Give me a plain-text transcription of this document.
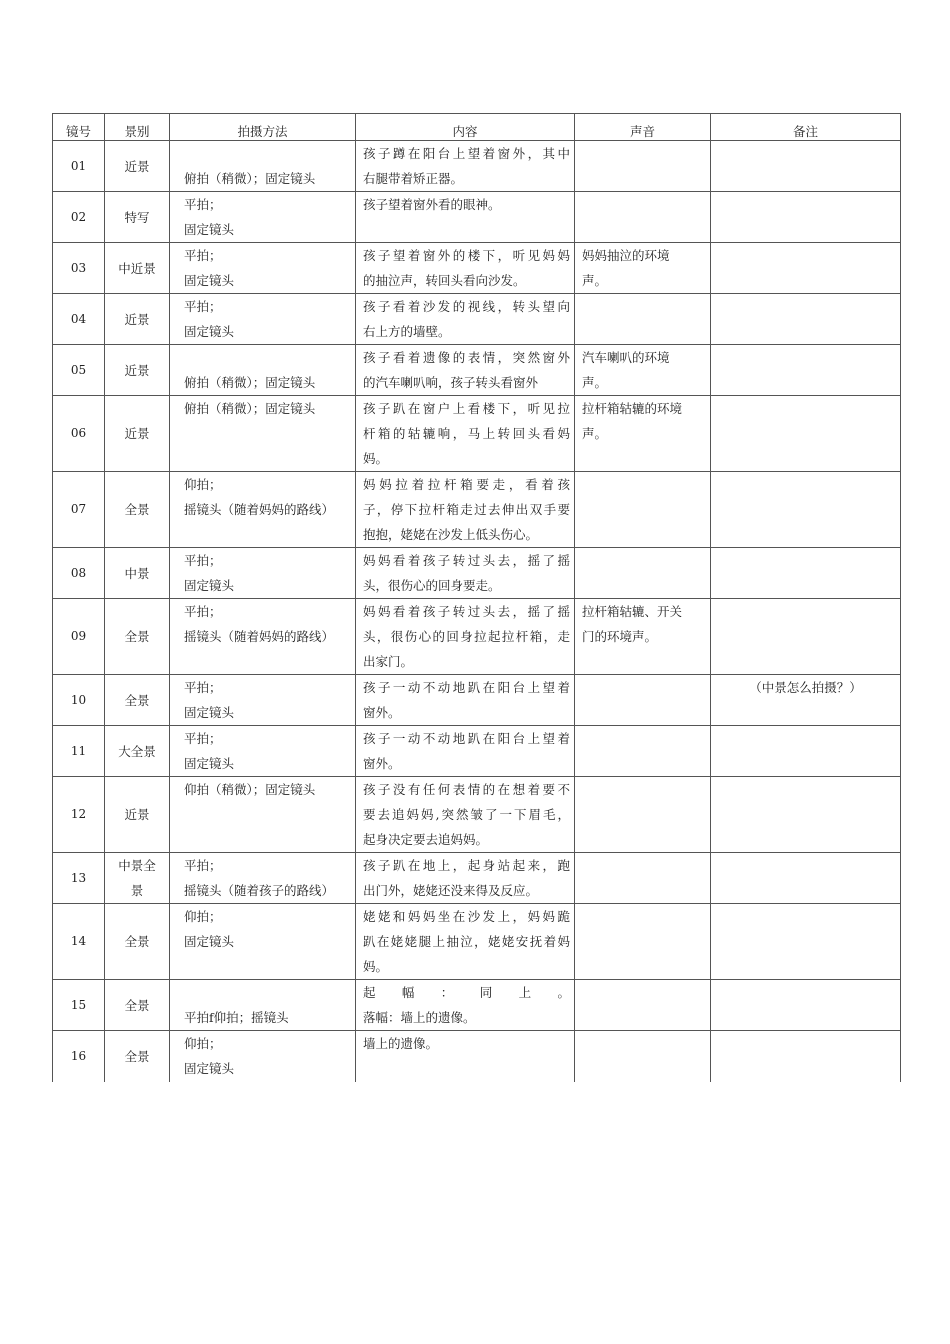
镜号	景别	拍摄方法	内容	声音	备注
01	近景	俯拍（稍微）；固定镜头	孩子蹲在阳台上望着窗外，其中
右腿带着矫正器。		

02	特写	平拍；
固定镜头	孩子望着窗外看的眼神。		

03	中近景	平拍；
固定镜头	孩子望着窗外的楼下，听见妈妈
的抽泣声，转回头看向沙发。	妈妈抽泣的环境
声。	

04	近景	平拍；
固定镜头	孩子看着沙发的视线，转头望向
右上方的墙壁。		

05	近景	俯拍（稍微）；固定镜头	孩子看着遗像的表情，突然窗外
的汽车喇叭响，孩子转头看窗外	汽车喇叭的环境
声。	

06	近景	俯拍（稍微）；固定镜头	孩子趴在窗户上看楼下，听见拉
杆箱的轱辘响，马上转回头看妈
妈。	拉杆箱轱辘的环境
声。	

07	全景	仰拍；
摇镜头（随着妈妈的路线）	妈妈拉着拉杆箱要走，看着孩
子，停下拉杆箱走过去伸出双手要
抱抱，姥姥在沙发上低头伤心。		

08	中景	平拍；
固定镜头	妈妈看着孩子转过头去，摇了摇
头，很伤心的回身要走。		

09	全景	平拍；
摇镜头（随着妈妈的路线）	妈妈看着孩子转过头去，摇了摇
头，很伤心的回身拉起拉杆箱，走
出家门。	拉杆箱轱辘、开关
门的环境声。	

10	全景	平拍；
固定镜头	孩子一动不动地趴在阳台上望着
窗外。		（中景怎么拍摄？）
11	大全景	平拍；
固定镜头	孩子一动不动地趴在阳台上望着
窗外。		

12	近景	仰拍（稍微）；固定镜头	孩子没有任何表情的在想着要不
要去追妈妈,突然皱了一下眉毛，
起身决定要去追妈妈。		

13	中景全景	平拍；
摇镜头（随着孩子的路线）	孩子趴在地上，起身站起来，跑
出门外，姥姥还没来得及反应。		

14	全景	仰拍；
固定镜头	姥姥和妈妈坐在沙发上，妈妈跪
趴在姥姥腿上抽泣，姥姥安抚着妈
妈。		

15	全景	平拍f仰拍；摇镜头	起幅：同上。
落幅：墙上的遗像。		

16	全景	仰拍；
固定镜头	墙上的遗像。		
